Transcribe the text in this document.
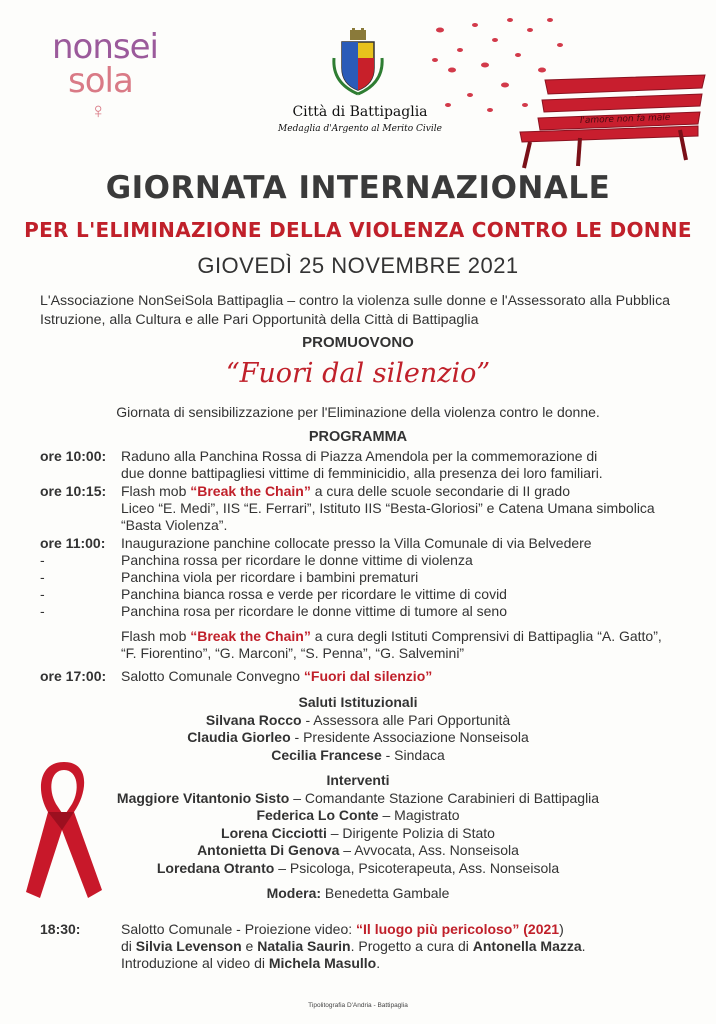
nonsei
sola
♀	Città di Battipaglia
Medaglia d'Argento al Merito Civile
l'amore non fa male
GIORNATA INTERNAZIONALE
PER L'ELIMINAZIONE DELLA VIOLENZA CONTRO LE DONNE
GIOVEDÌ 25 NOVEMBRE 2021
L'Associazione NonSeiSola Battipaglia – contro la violenza sulle donne e l'Assessorato alla Pubblica Istruzione, alla Cultura e alle Pari Opportunità della Città di Battipaglia
PROMUOVONO
“Fuori dal silenzio”
Giornata di sensibilizzazione per l'Eliminazione della violenza contro le donne.
PROGRAMMA
ore 10:00: Raduno alla Panchina Rossa di Piazza Amendola per la commemorazione di
due donne battipagliesi vittime di femminicidio, alla presenza dei loro familiari.
ore 10:15: Flash mob “Break the Chain” a cura delle scuole secondarie di II grado
Liceo “E. Medi”, IIS “E. Ferrari”, Istituto IIS “Besta-Gloriosi” e Catena Umana simbolica
“Basta Violenza”.
ore 11:00: Inaugurazione panchine collocate presso la Villa Comunale di via Belvedere
-	Panchina rossa per ricordare le donne vittime di violenza
-	Panchina viola per ricordare i bambini prematuri
-	Panchina bianca rossa e verde per ricordare le vittime di covid
-	Panchina rosa per ricordare le donne vittime di tumore al seno
Flash mob “Break the Chain” a cura degli Istituti Comprensivi di Battipaglia “A. Gatto”,
“F. Fiorentino”, “G. Marconi”, “S. Penna”, “G. Salvemini”
ore 17:00: Salotto Comunale Convegno “Fuori dal silenzio”
Saluti Istituzionali
Silvana Rocco - Assessora alle Pari Opportunità
Claudia Giorleo - Presidente Associazione Nonseisola
Cecilia Francese - Sindaca
Interventi
Maggiore Vitantonio Sisto – Comandante Stazione Carabinieri di Battipaglia
Federica Lo Conte – Magistrato
Lorena Cicciotti – Dirigente Polizia di Stato
Antonietta Di Genova – Avvocata, Ass. Nonseisola
Loredana Otranto – Psicologa, Psicoterapeuta, Ass. Nonseisola
Modera: Benedetta Gambale
18:30:	Salotto Comunale - Proiezione video: “Il luogo più pericoloso” (2021)
di Silvia Levenson e Natalia Saurin. Progetto a cura di Antonella Mazza.
Introduzione al video di Michela Masullo.
Tipolitografia D'Andria - Battipaglia
